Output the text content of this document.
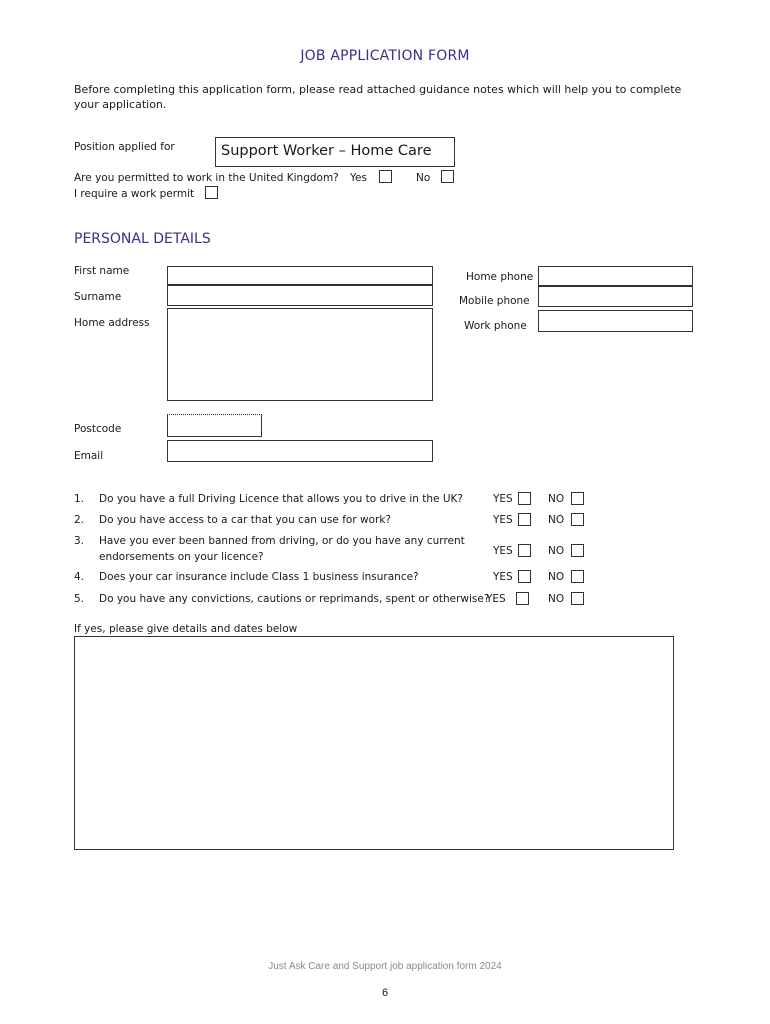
JOB APPLICATION FORM
Before completing this application form, please read attached guidance notes which will help you to complete your application.
Position applied for	Support Worker – Home Care
Are you permitted to work in the United Kingdom? Yes	No
I require a work permit
PERSONAL DETAILS
First name
Surname
Home address
Postcode
Email
Home phone
Mobile phone
Work phone
1. Do you have a full Driving Licence that allows you to drive in the UK?	YES	NO
2. Do you have access to a car that you can use for work?	YES	NO
3. Have you ever been banned from driving, or do you have any current
endorsements on your licence?	YES	NO
4. Does your car insurance include Class 1 business insurance?	YES	NO
5. Do you have any convictions, cautions or reprimands, spent or otherwise?
YES	NO
If yes, please give details and dates below
Just Ask Care and Support job application form 2024
6
